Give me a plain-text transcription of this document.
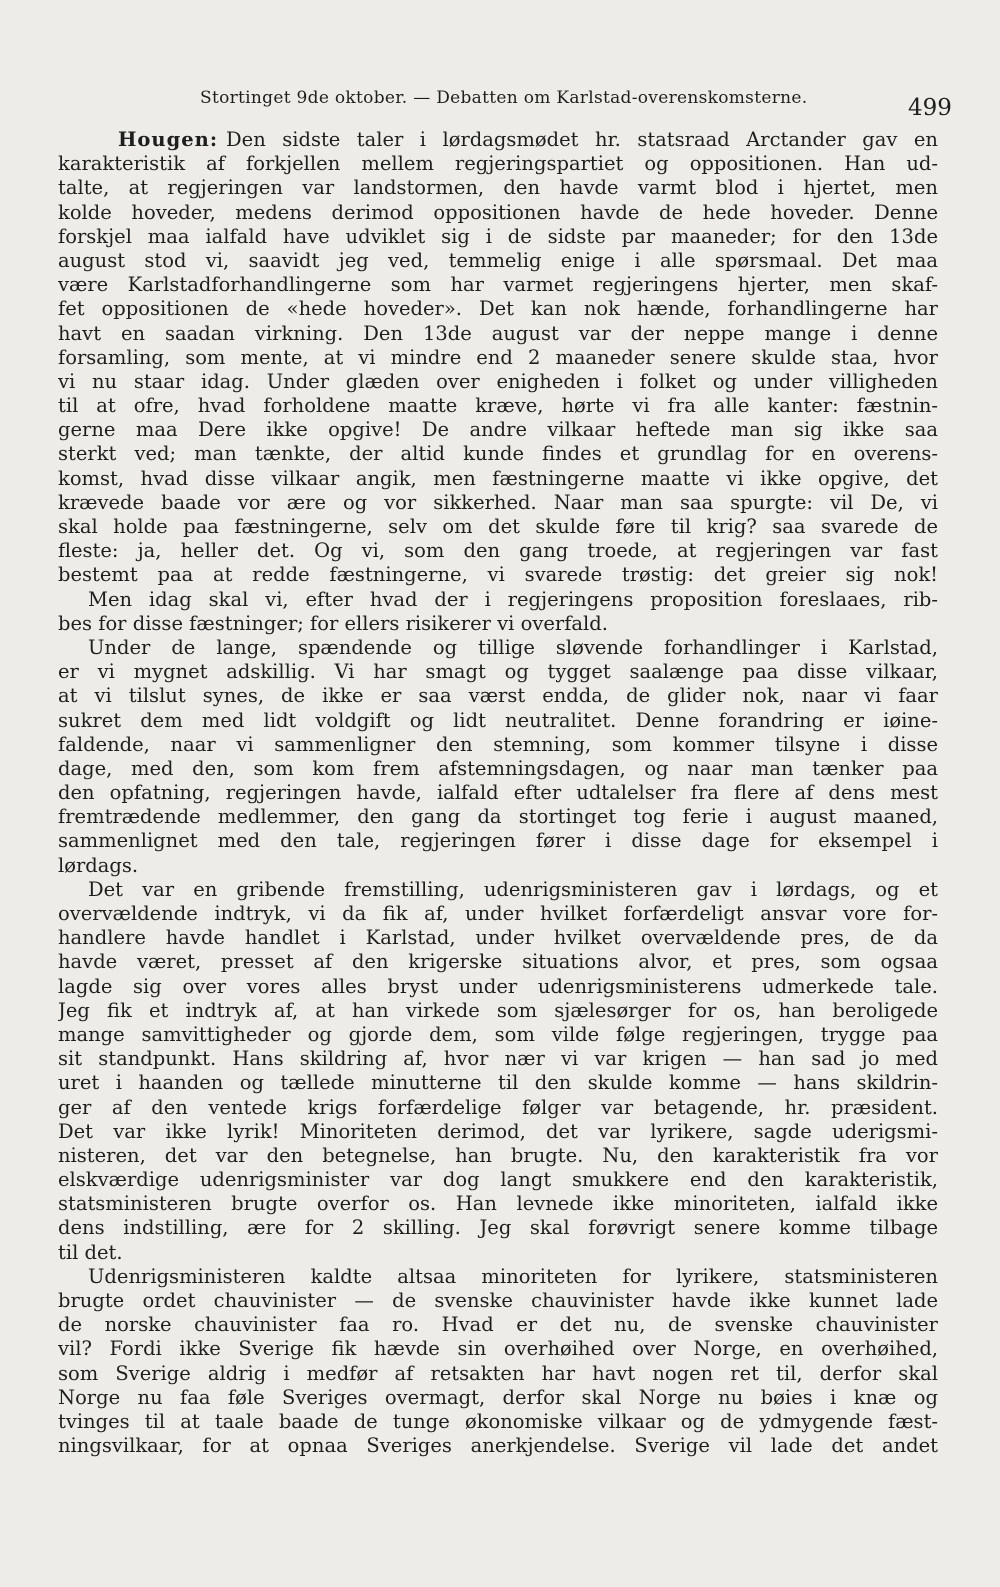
Stortinget 9de oktober. — Debatten om Karlstad-overenskomsterne.	499
Hougen: Den sidste taler i lørdagsmødet hr. statsraad Arctander gav en
karakteristik af forkjellen mellem regjeringspartiet og oppositionen. Han ud-
talte, at regjeringen var landstormen, den havde varmt blod i hjertet, men
kolde hoveder, medens derimod oppositionen havde de hede hoveder. Denne
forskjel maa ialfald have udviklet sig i de sidste par maaneder; for den 13de
august stod vi, saavidt jeg ved, temmelig enige i alle spørsmaal. Det maa
være Karlstadforhandlingerne som har varmet regjeringens hjerter, men skaf-
fet oppositionen de «hede hoveder». Det kan nok hænde, forhandlingerne har
havt en saadan virkning. Den 13de august var der neppe mange i denne
forsamling, som mente, at vi mindre end 2 maaneder senere skulde staa, hvor
vi nu staar idag. Under glæden over enigheden i folket og under villigheden
til at ofre, hvad forholdene maatte kræve, hørte vi fra alle kanter: fæstnin-
gerne maa Dere ikke opgive! De andre vilkaar heftede man sig ikke saa
sterkt ved; man tænkte, der altid kunde findes et grundlag for en overens-
komst, hvad disse vilkaar angik, men fæstningerne maatte vi ikke opgive, det
krævede baade vor ære og vor sikkerhed. Naar man saa spurgte: vil De, vi
skal holde paa fæstningerne, selv om det skulde føre til krig? saa svarede de
fleste: ja, heller det. Og vi, som den gang troede, at regjeringen var fast
bestemt paa at redde fæstningerne, vi svarede trøstig: det greier sig nok!
Men idag skal vi, efter hvad der i regjeringens proposition foreslaaes, rib-
bes for disse fæstninger; for ellers risikerer vi overfald.
Under de lange, spændende og tillige sløvende forhandlinger i Karlstad,
er vi mygnet adskillig. Vi har smagt og tygget saalænge paa disse vilkaar,
at vi tilslut synes, de ikke er saa værst endda, de glider nok, naar vi faar
sukret dem med lidt voldgift og lidt neutralitet. Denne forandring er iøine-
faldende, naar vi sammenligner den stemning, som kommer tilsyne i disse
dage, med den, som kom frem afstemningsdagen, og naar man tænker paa
den opfatning, regjeringen havde, ialfald efter udtalelser fra flere af dens mest
fremtrædende medlemmer, den gang da stortinget tog ferie i august maaned,
sammenlignet med den tale, regjeringen fører i disse dage for eksempel i
lørdags.
Det var en gribende fremstilling, udenrigsministeren gav i lørdags, og et
overvældende indtryk, vi da fik af, under hvilket forfærdeligt ansvar vore for-
handlere havde handlet i Karlstad, under hvilket overvældende pres, de da
havde været, presset af den krigerske situations alvor, et pres, som ogsaa
lagde sig over vores alles bryst under udenrigsministerens udmerkede tale.
Jeg fik et indtryk af, at han virkede som sjælesørger for os, han beroligede
mange samvittigheder og gjorde dem, som vilde følge regjeringen, trygge paa
sit standpunkt. Hans skildring af, hvor nær vi var krigen — han sad jo med
uret i haanden og tællede minutterne til den skulde komme — hans skildrin-
ger af den ventede krigs forfærdelige følger var betagende, hr. præsident.
Det var ikke lyrik! Minoriteten derimod, det var lyrikere, sagde uderigsmi-
nisteren, det var den betegnelse, han brugte. Nu, den karakteristik fra vor
elskværdige udenrigsminister var dog langt smukkere end den karakteristik,
statsministeren brugte overfor os. Han levnede ikke minoriteten, ialfald ikke
dens indstilling, ære for 2 skilling. Jeg skal forøvrigt senere komme tilbage
til det.
Udenrigsministeren kaldte altsaa minoriteten for lyrikere, statsministeren
brugte ordet chauvinister — de svenske chauvinister havde ikke kunnet lade
de norske chauvinister faa ro. Hvad er det nu, de svenske chauvinister
vil? Fordi ikke Sverige fik hævde sin overhøihed over Norge, en overhøihed,
som Sverige aldrig i medfør af retsakten har havt nogen ret til, derfor skal
Norge nu faa føle Sveriges overmagt, derfor skal Norge nu bøies i knæ og
tvinges til at taale baade de tunge økonomiske vilkaar og de ydmygende fæst-
ningsvilkaar, for at opnaa Sveriges anerkjendelse. Sverige vil lade det andet
